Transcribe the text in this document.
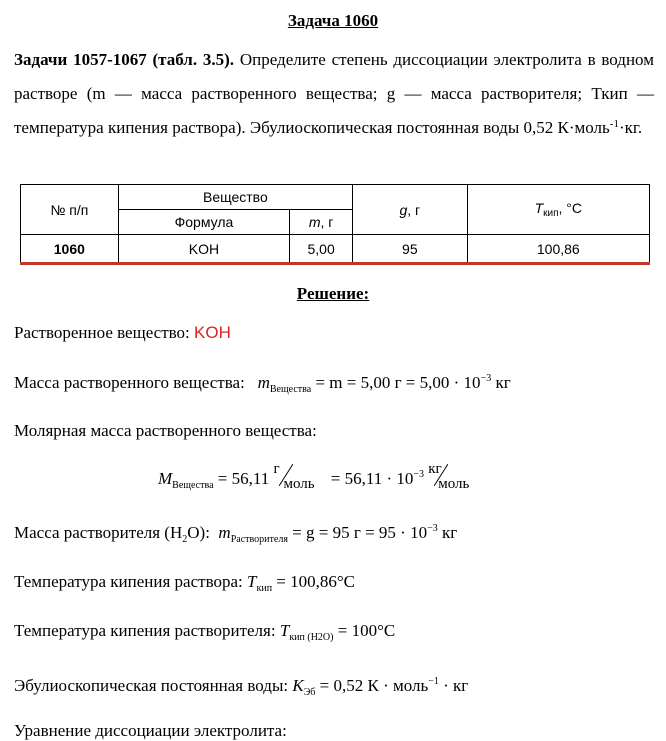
Задача 1060
Задачи 1057-1067 (табл. 3.5). Определите степень диссоциации электролита в водном растворе (m — масса растворенного вещества; g — масса растворителя; Ткип — температура кипения раствора). Эбулиоскопическая постоянная воды 0,52 К·моль$^{-1}$·кг.
№ п/п	Вещество		g, г	$T_{кип}$, °С
	Формула	m, г		
1060	KOH	5,00	95	100,86
Решение:
Растворенное вещество: KOH
Масса растворенного вещества: $m_{Вещества} = m = 5,00$ $г = 5,00 \cdot 10^{-3}$ кг
Молярная масса растворенного вещества:
$M_{Вещества} = 56,11$ г
моль = $56,11 \cdot 10^{-3}$ кг
моль
Масса растворителя $(H_2O)$: $m_{Растворителя} = g = 95$ $г = 95 \cdot 10^{-3}$ кг
Температура кипения раствора: $T_{кип} = 100,86^\circ C$
Температура кипения растворителя: $T_{кип (H2O)} = 100^\circ C$
Эбулиоскопическая постоянная воды: $K_{Эб} = 0,52$ К · моль$^{-1}$ · кг
Уравнение диссоциации электролита:
